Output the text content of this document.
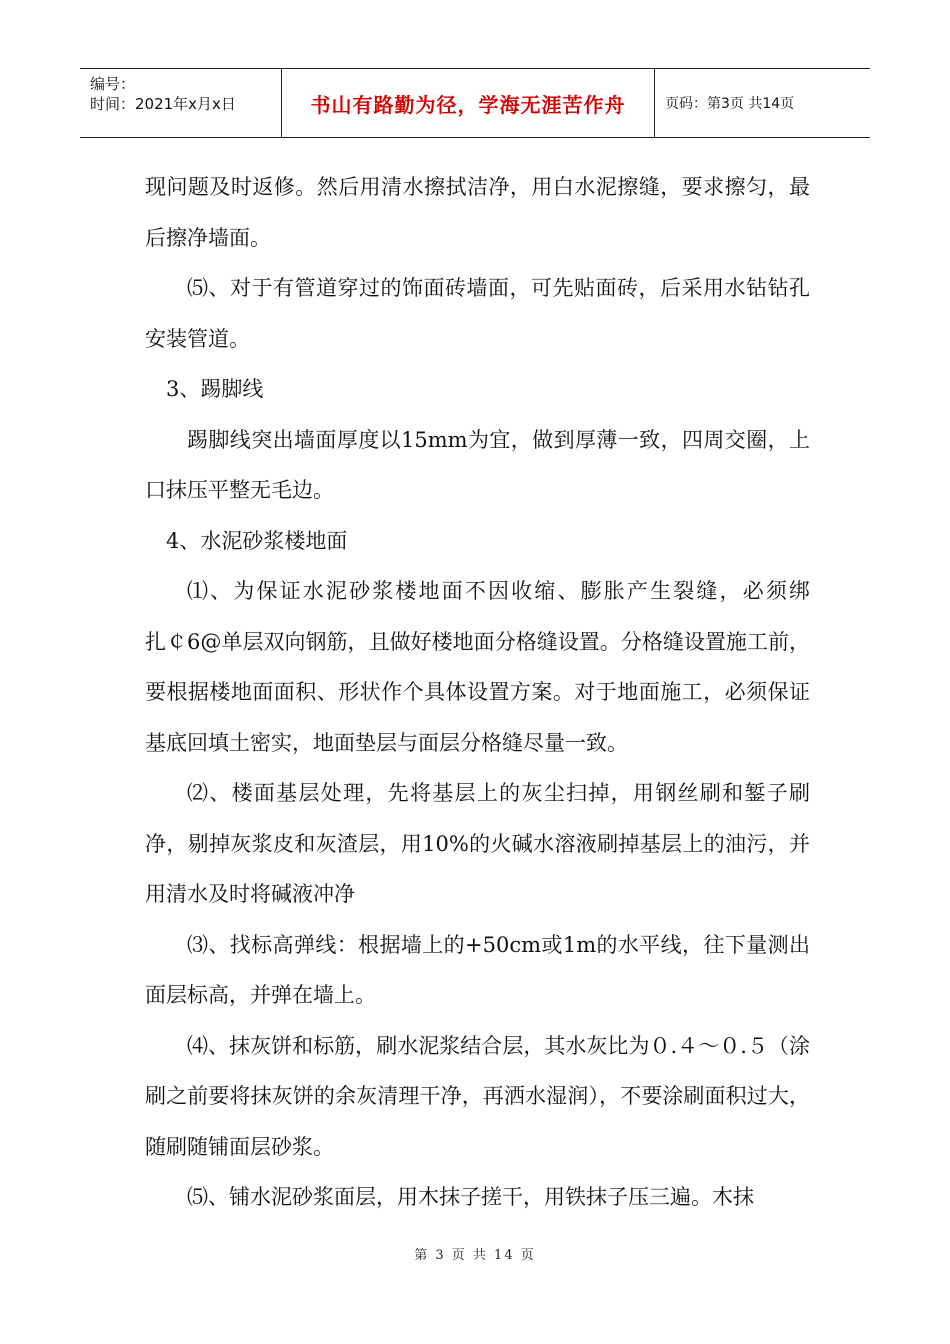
编号：
时间：2021年x月x日	书山有路勤为径，学海无涯苦作舟	页码：第3页 共14页

现问题及时返修。然后用清水擦拭洁净，用白水泥擦缝，要求擦匀，最后擦净墙面。

⑸、对于有管道穿过的饰面砖墙面，可先贴面砖，后采用水钻钻孔安装管道。

3、踢脚线

踢脚线突出墙面厚度以15mm为宜，做到厚薄一致，四周交圈，上口抹压平整无毛边。

4、水泥砂浆楼地面

⑴、为保证水泥砂浆楼地面不因收缩、膨胀产生裂缝，必须绑扎￠6@单层双向钢筋，且做好楼地面分格缝设置。分格缝设置施工前，要根据楼地面面积、形状作个具体设置方案。对于地面施工，必须保证基底回填土密实，地面垫层与面层分格缝尽量一致。

⑵、楼面基层处理，先将基层上的灰尘扫掉，用钢丝刷和錾子刷净，剔掉灰浆皮和灰渣层，用10%的火碱水溶液刷掉基层上的油污，并用清水及时将碱液冲净

⑶、找标高弹线：根据墙上的+50cm或1m的水平线，往下量测出面层标高，并弹在墙上。

⑷、抹灰饼和标筋，刷水泥浆结合层，其水灰比为０.４～０.５（涂刷之前要将抹灰饼的余灰清理干净，再洒水湿润），不要涂刷面积过大，随刷随铺面层砂浆。

⑸、铺水泥砂浆面层，用木抹子搓干，用铁抹子压三遍。木抹

第 3 页 共 14 页
